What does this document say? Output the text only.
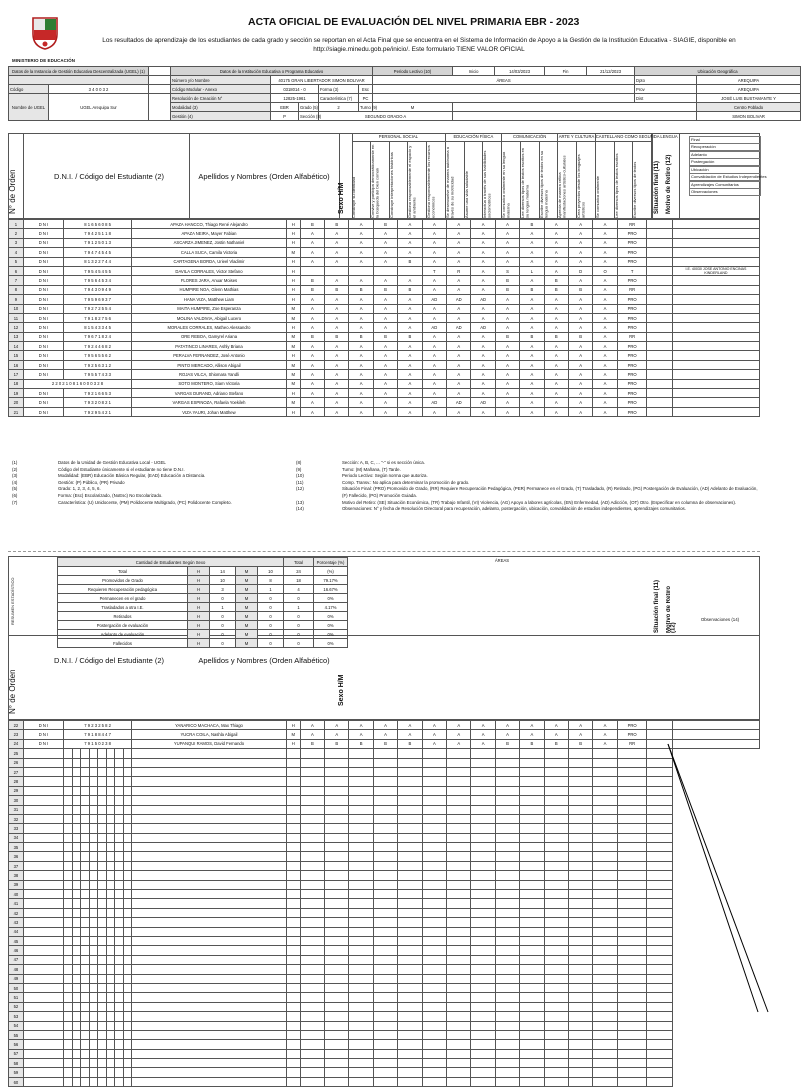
MINISTERIO DE EDUCACIÓN
ACTA OFICIAL DE EVALUACIÓN DEL NIVEL PRIMARIA EBR - 2023
Los resultados de aprendizaje de los estudiantes de cada grado y sección se reportan en el Acta Final que se encuentra en el Sistema de Información de Apoyo a la Gestión de la Institución Educativa - SIAGIE, disponible en http://siagie.minedu.gob.pe/inicio/. Este formulario TIENE VALOR OFICIAL
Datos de la Instancia de Gestión Educativa Descentralizada (UGEL) (1)			Datos de la Institución Educativa o Programa Educativo					Periodo Lectivo (10)	Inicio	14/03/2023	Fin	21/12/2023	Ubicación Geográfica	
			Número y/o Nombre	40175 GRAN LIBERTADOR SIMON BOLIVAR				ÁREAS					Dpto	AREQUIPA
Código	3 4 0 0 3 2		Código Modular - Anexo	0318014 - 0		Forma (3)	Esc						Prov	AREQUIPA
Nombre de UGEL	UGEL Arequipa Sur		Resolución de Creación N°	12825-1961		Característica (7)	PC						Dist	JOSÉ LUIS BUSTAMANTE Y
			Modalidad (3)	EBR	Grado (5)	2	Turno (9)	M						Centro Poblado
			Gestión (4)	P	Sección (8)	SEGUNDO GRADO A								SIMON BOLIVAR
N° de Orden	D.N.I. / Código del Estudiante (2)	Apellidos y Nombres (Orden Alfabético)
Sexo H/M
PERSONAL SOCIAL	EDUCACIÓN FÍSICA	COMUNICACIÓN	ARTE Y CULTURA CASTELLANO COMO SEGUNDA LENGUA
Construye su identidad	Convive y participa democráticamente en la búsqueda del bien común Construye interpretaciones históricas	Gestiona responsablemente el espacio y el ambiente Gestiona responsablemente los recursos económicos Se desenvuelve de manera autónoma a través de su motricidad Asume una vida saludable	Interactúa a través de sus habilidades sociomotrices Se comunica oralmente en su lengua materna Lee diversos tipos de textos escritos en su lengua materna Escribe diversos tipos de textos en su lengua materna Aprecia de manera crítica manifestaciones artístico-culturales Crea proyectos desde los lenguajes artísticos Se comunica oralmente	Lee diversos tipos de textos escritos	Escribe diversos tipos de textos	Situación final (11) Motivo de Retiro (12)
Final
Recuperación
Adelanto
Postergación
Ubicación
Convalidación de Estudios Independientes
Aprendizajes Comunitarios
Observaciones
1	D N I	8 1 6 5 6 0 8 5	APAZA HANCCO, Thiago René Alejandro	H	B	B	A	B	A	A	A	A	A	B	A	A	A	RR		
2	D N I	7 9 4 2 5 1 1 8	APAZA NEIRA, Mayer Fabian	H	A	A	A	A	A	A	A	A	A	A	A	A	A	PRO		
3	D N I	7 9 1 2 5 0 1 3	ASCARZA JIMENEZ, Jostin Nathaniel	H	A	A	A	A	A	A	A	A	A	A	A	A	A	PRO		
4	D N I	7 9 4 7 4 5 4 5	CALLA SUCA, Camila Victoria	M	A	A	A	A	A	A	A	A	A	A	A	A	A	PRO		
5	D N I	8 1 3 2 2 7 4 4	CARTAGENA BORDA, Urieel Vladimir	H	A	A	A	A	B	A	A	A	A	A	A	A	A	PRO		
6	D N I	7 9 5 4 5 4 5 5	DAVILA CORRALES, Victor Stefano	H						T	R	A	S	L	A	D	O	T		I.E. 40030 JOSE ANTONIO ENCINAS KINDERLAND
7	D N I	7 9 5 6 4 5 3 4	FLORES JARA, Anuar Moises	H	B	A	A	A	A	A	A	A	B	A	B	A	A	PRO		
8	D N I	7 9 4 3 0 9 4 9	HUMPIRE NOA, Glenn Mathias	H	B	B	B	B	B	A	A	A	B	B	B	B	A	RR		
9	D N I	7 9 5 9 6 9 3 7	HANA VIZA, Matthew Liam	H	A	A	A	A	A	AD	AD	AD	A	A	A	A	A	PRO		
10	D N I	7 9 2 7 2 5 5 4	MAITA HUMPIRE, Zoe Esperanza	M	A	A	A	A	A	A	A	A	A	A	A	A	A	PRO		
11	D N I	7 9 1 8 2 7 5 6	MOLINA VALDIVIA, Abigail Lucero	M	A	A	A	A	A	A	A	A	A	A	A	A	A	PRO		
12	D N I	8 1 5 4 3 3 4 5	MORALES CORRALES, Matheo Alessandro	H	A	A	A	A	A	AD	AD	AD	A	A	A	A	A	PRO		
13	D N I	7 9 6 7 1 8 2 4	ORE REBOA, Gamyrel Ariana	M	B	B	B	B	B	A	A	A	B	B	B	B	A	RR		
14	D N I	7 9 2 4 4 6 8 2	PATATINCO LINARES, Ashly Briana	M	A	A	A	A	A	A	A	A	A	A	A	A	A	PRO		
15	D N I	7 9 5 6 5 5 6 2	PERALVA FERNANDEZ, José Antonio	H	A	A	A	A	A	A	A	A	A	A	A	A	A	PRO		
16	D N I	7 9 2 5 6 3 1 2	PINTO MERCADO, Allison Abigail	M	A	A	A	A	A	A	A	A	A	A	A	A	A	PRO		
17	D N I	7 9 5 5 7 4 3 3	ROJAS VILCA, Shiomara Yandli	M	A	A	A	A	A	A	A	A	A	A	A	A	A	PRO		
18	2 2 0 2 1 0 8 1 6 0 0 0 3 2 8		SOTO MONTERO, Siam Victoria	M	A	A	A	A	A	A	A	A	A	A	A	A	A	PRO		
19	D N I	7 9 2 1 6 6 5 3	VARGAS DURAND, Adriano Stefano	H	A	A	A	A	A	A	A	A	A	A	A	A	A	PRO		
20	D N I	7 9 3 2 0 8 2 1	VARGAS ESPINOZA, Rafaela Yoekileh	M	A	A	A	A	A	AD	AD	AD	A	A	A	A	A	PRO		
21	D N I	7 9 2 9 5 4 2 1	VIZA YAURI, Johan Matthew	H	A	A	A	A	A	A	A	A	A	A	A	A	A	PRO		
(1)	Datos de la Unidad de Gestión Educativa Local - UGEL
(2)	Código del Estudiante únicamente si el estudiante no tiene D.N.I.
(3)	Modalidad: (EBR) Educación Básica Regular, (EAD) Educación a Distancia.
(4)	Gestión: (P) Público, (PR) Privado
(5)	Grado: 1, 2, 3, 4, 5, 6.
(6)	Forma: (Esc) Escolarizado, (NoEsc) No Escolarizado.
(7)	Característica: (U) Unidocente, (PM) Polidocente Multigrado, (PC) Polidocente Completo.
(8)	Sección: A, B, C, ... "-" si es sección única.
(9)	Turno: (M) Mañana, (T) Tarde.
(10)	Periodo Lectivo: Según norma que autoriza.
(11)	Comp. Transv.: No aplica para determinar la promoción de grado.
(12)	Situación Final: (PRO) Promovido de Grado, (RR) Requiere Recuperación Pedagógica, (PER) Permanece en el Grado, (T) Trasladado, (R) Retirado, (PG) Postergación de Evaluación, (AD) Adelanto de Evaluación, (F) Fallecido, (PG) Promoción Guiada.
(13)	Motivo del Retiro: (SE) Situación Económica, (TR) Trabajo Infantil, (VI) Violencia, (AG) Apoyo a labores agrícolas, (EN) Enfermedad, (AD) Adicción, (OT) Otro. (Especificar en columna de observaciones).
(14)	Observaciones: N° y fecha de Resolución Directoral para recuperación, adelanto, postergación, ubicación, convalidación de estudios independientes, aprendizajes comunitarios.
RESUMEN ESTADÍSTICO
Cantidad de Estudiantes Según Sexo					Total	Porcentaje (%)
Total	H	14	M	10	24	(%)
Promovidos de Grado	H	10	M	8	18	79.17%
Requieren Recuperación pedagógica	H	3	M	1	4	16.67%
Permanecen en el grado	H	0	M	0	0	0%
Trasladados a otra I.E.	H	1	M	0	1	4.17%
Retirados	H	0	M	0	0	0%
Postergación de evaluación	H	0	M	0	0	0%
Adelanto de evaluación	H	0	M	0	0	0%
Fallecidos	H	0	M	0	0	0%
ÁREAS
Situación final (11) Motivo de Retiro (12)
Observaciones (14)
N° de Orden
D.N.I. / Código del Estudiante (2)	Apellidos y Nombres (Orden Alfabético)
Sexo H/M
22	D N I	7 9 2 3 2 5 8 2								YANARICO MACHACA, Max Thiago	H	A	A	A	A	A	A	A	A	A	A	A	A	A	PRO		
23	D N I	7 9 1 8 8 4 4 7								YUCRA COILA, Nashla Abigail	M	A	A	A	A	A	A	A	A	A	A	A	A	A	PRO		
24	D N I	7 9 1 5 0 2 3 8								YUPANQUI RAMOS, David Fernando	H	B	B	B	B	B	A	A	A	B	B	B	B	A	RR		
25																											
26																											
27																											
28																											
29																											
30																											
31																											
32																											
33																											
34																											
35																											
36																											
37																											
38																											
39																											
40																											
41																											
42																											
43																											
44																											
45																											
46																											
47																											
48																											
49																											
50																											
51																											
52																											
53																											
54																											
55																											
56																											
57																											
58																											
59																											
60																											
